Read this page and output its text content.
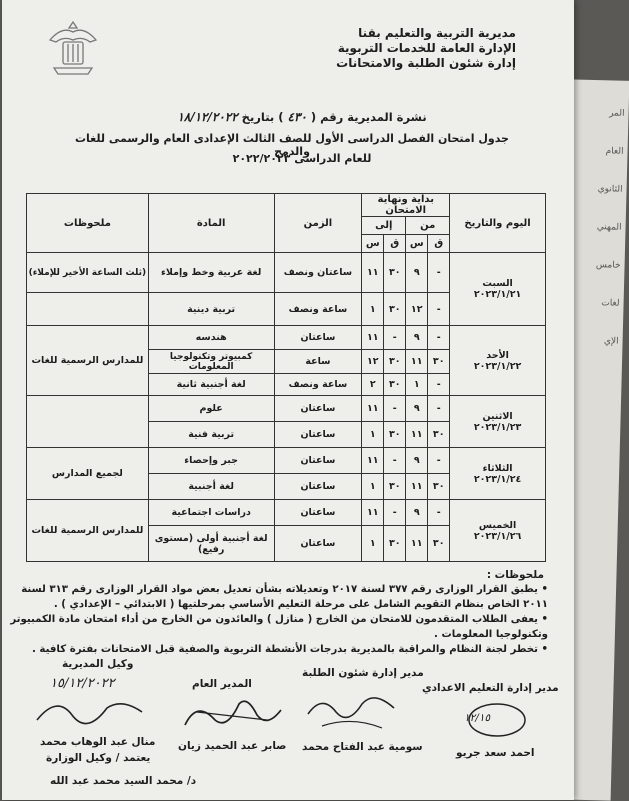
المر
العام
الثانوي
المهني
خامس
لغات
الإي
مديرية التربية والتعليم بقنا
الإدارة العامة للخدمات التربوية
إدارة شئون الطلبة والامتحانات
نشرة المديرية رقم ( ٤٣٠ ) بتاريخ ١٨/١٢/٢٠٢٢
جدول امتحان الفصل الدراسى الأول للصف الثالث الإعدادى العام والرسمى للغات والدمج
للعام الدراسى ٢٠٢٢/٢٠٢٣
اليوم والتاريخ	بداية ونهاية الامتحان				الزمن	المادة	ملحوظات
	من		إلى				
	ق	س	ق	س			

السبت
٢٠٢٣/١/٢١	-	٩	٣٠	١١	ساعتان ونصف	لغة عربية وخط وإملاء	(ثلث الساعة الأخير للإملاء)
	-	١٢	٣٠	١	ساعة ونصف	تربية دينية	

الأحد
٢٠٢٣/١/٢٢	-	٩	-	١١	ساعتان	هندسه	للمدارس الرسمية للغات
	٣٠	١١	٣٠	١٢	ساعة	كمبيوتر وتكنولوجيا المعلومات	
	-	١	٣٠	٢	ساعة ونصف	لغة أجنبية ثانية	

الاثنين
٢٠٢٣/١/٢٣	-	٩	-	١١	ساعتان	علوم	
	٣٠	١١	٣٠	١	ساعتان	تربية فنية	

الثلاثاء
٢٠٢٣/١/٢٤	-	٩	-	١١	ساعتان	جبر وإحصاء	لجميع المدارس
	٣٠	١١	٣٠	١	ساعتان	لغة أجنبية	

الخميس
٢٠٢٣/١/٢٦	-	٩	-	١١	ساعتان	دراسات اجتماعية	للمدارس الرسمية للغات
	٣٠	١١	٣٠	١	ساعتان	لغة أجنبية أولى (مستوى رفيع)	
ملحوظات :
• يطبق القرار الوزارى رقم ٣٧٧ لسنة ٢٠١٧ وتعديلاته بشأن تعديل بعض مواد القرار الوزارى رقم ٣١٣ لسنة ٢٠١١ الخاص بنظام التقويم الشامل على مرحلة التعليم الأساسي بمرحلتيها ( الابتدائي – الإعدادي ) .
• يعفى الطلاب المتقدمون للامتحان من الخارج ( منازل ) والعائدون من الخارج من أداء امتحان مادة الكمبيوتر وتكنولوجيا المعلومات .
• تخطر لجنة النظام والمراقبة بالمديرية بدرجات الأنشطة التربوية والصفية قبل الامتحانات بفترة كافية .
وكيل المديرية
١٥/١٢/٢٠٢٢
منال عبد الوهاب محمد
يعتمد / وكيل الوزارة
د/ محمد السيد محمد عبد الله
المدير العام
صابر عبد الحميد زيان
مدير إدارة شئون الطلبة
سومية عبد الفتاح محمد
مدير إدارة التعليم الاعدادي
١٢/١٥
احمد سعد جريو
